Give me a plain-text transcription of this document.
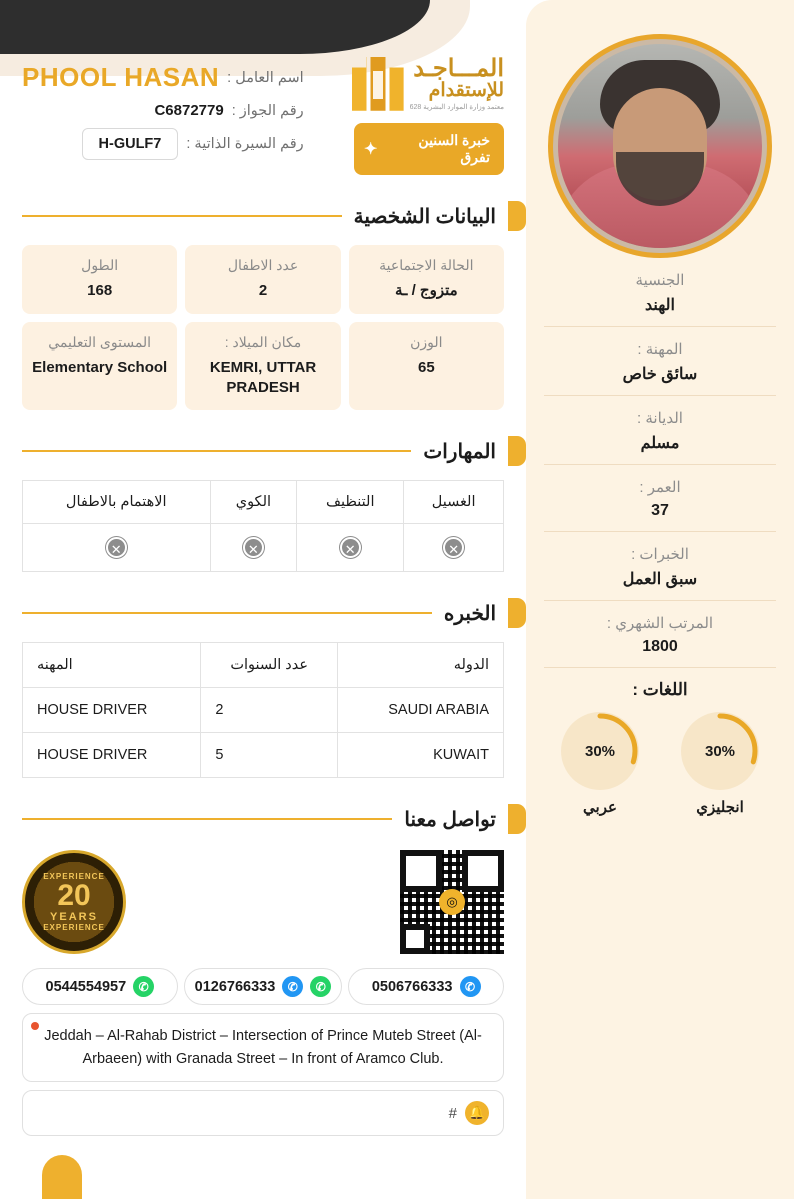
الجنسية
الهند
المهنة :
سائق خاص
الديانة :
مسلم
العمر :
37
الخبرات :
سبق العمل
المرتب الشهري :
1800
اللغات :
30%
انجليزي
30%
عربي
المـــاجـد
للإستقدام
معتمد وزارة الموارد البشرية 628
خبرة السنين تفرق
✦
اسم العامل :
PHOOL HASAN
رقم الجواز :
C6872779
رقم السيرة الذاتية :
H-GULF7
البيانات الشخصية
الحالة الاجتماعية
متزوج / ـة
عدد الاطفال
2
الطول
168
الوزن
65
مكان الميلاد :
KEMRI, UTTAR PRADESH
المستوى التعليمي
Elementary School
المهارات
الغسيل	التنظيف	الكوي	الاهتمام بالاطفال
✕	✕	✕	✕
الخبره
الدوله	عدد السنوات	المهنه
SAUDI ARABIA	2	HOUSE DRIVER
KUWAIT	5	HOUSE DRIVER
تواصل معنا
◎
EXPERIENCE
20
YEARS
EXPERIENCE
✆
0506766333
✆
✆
0126766333
✆
0544554957
Jeddah – Al-Rahab District – Intersection of Prince Muteb Street (Al-Arbaeen) with Granada Street – In front of Aramco Club.
🔔
#
